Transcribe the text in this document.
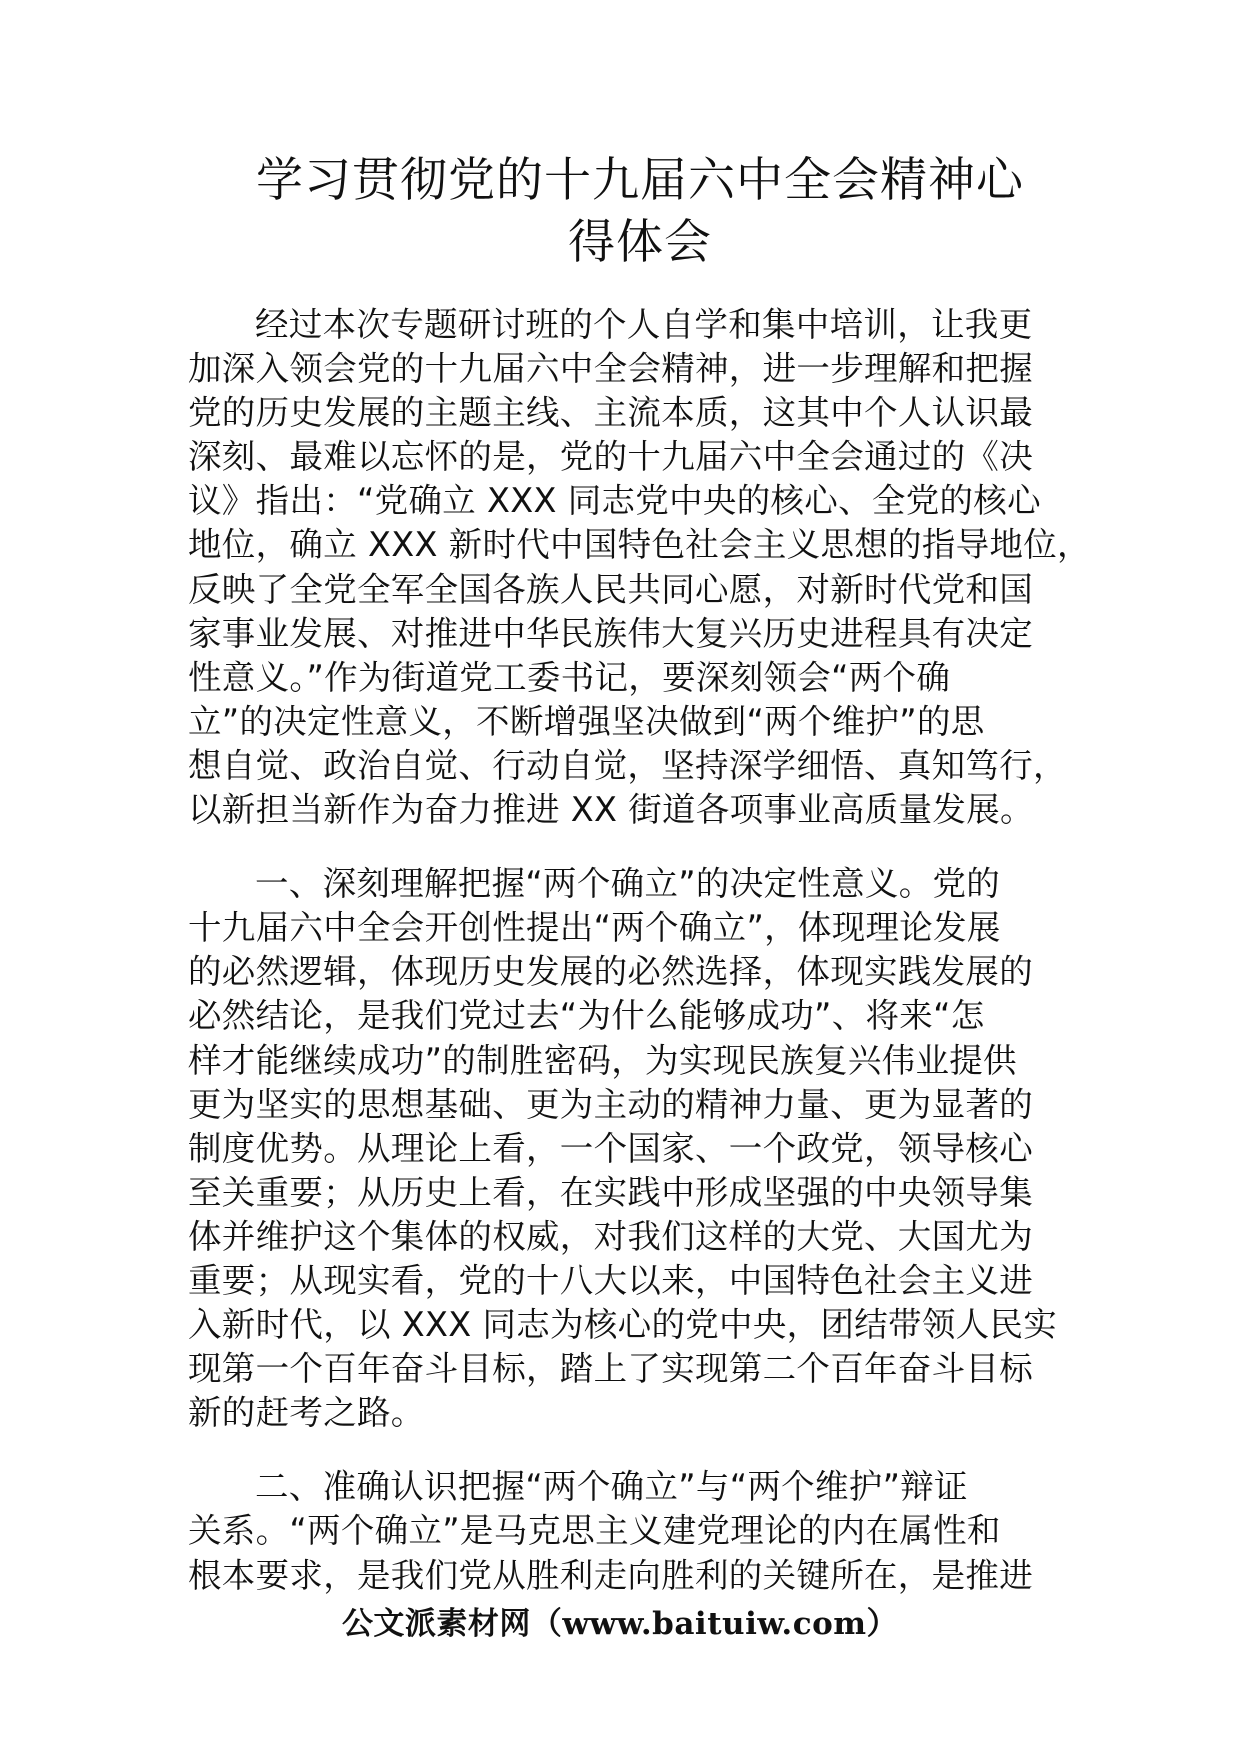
学习贯彻党的十九届六中全会精神心
得体会

经过本次专题研讨班的个人自学和集中培训，让我更
加深入领会党的十九届六中全会精神，进一步理解和把握
党的历史发展的主题主线、主流本质，这其中个人认识最
深刻、最难以忘怀的是，党的十九届六中全会通过的《决
议》指出：“党确立 XXX 同志党中央的核心、全党的核心
地位，确立 XXX 新时代中国特色社会主义思想的指导地位，
反映了全党全军全国各族人民共同心愿，对新时代党和国
家事业发展、对推进中华民族伟大复兴历史进程具有决定
性意义。”作为街道党工委书记，要深刻领会“两个确
立”的决定性意义，不断增强坚决做到“两个维护”的思
想自觉、政治自觉、行动自觉，坚持深学细悟、真知笃行，
以新担当新作为奋力推进 XX 街道各项事业高质量发展。

一、深刻理解把握“两个确立”的决定性意义。党的
十九届六中全会开创性提出“两个确立”，体现理论发展
的必然逻辑，体现历史发展的必然选择，体现实践发展的
必然结论，是我们党过去“为什么能够成功”、将来“怎
样才能继续成功”的制胜密码，为实现民族复兴伟业提供
更为坚实的思想基础、更为主动的精神力量、更为显著的
制度优势。从理论上看，一个国家、一个政党，领导核心
至关重要；从历史上看，在实践中形成坚强的中央领导集
体并维护这个集体的权威，对我们这样的大党、大国尤为
重要；从现实看，党的十八大以来，中国特色社会主义进
入新时代，以 XXX 同志为核心的党中央，团结带领人民实
现第一个百年奋斗目标，踏上了实现第二个百年奋斗目标
新的赶考之路。

二、准确认识把握“两个确立”与“两个维护”辩证
关系。“两个确立”是马克思主义建党理论的内在属性和
根本要求，是我们党从胜利走向胜利的关键所在，是推进

公文派素材网（www.baituiw.com）
